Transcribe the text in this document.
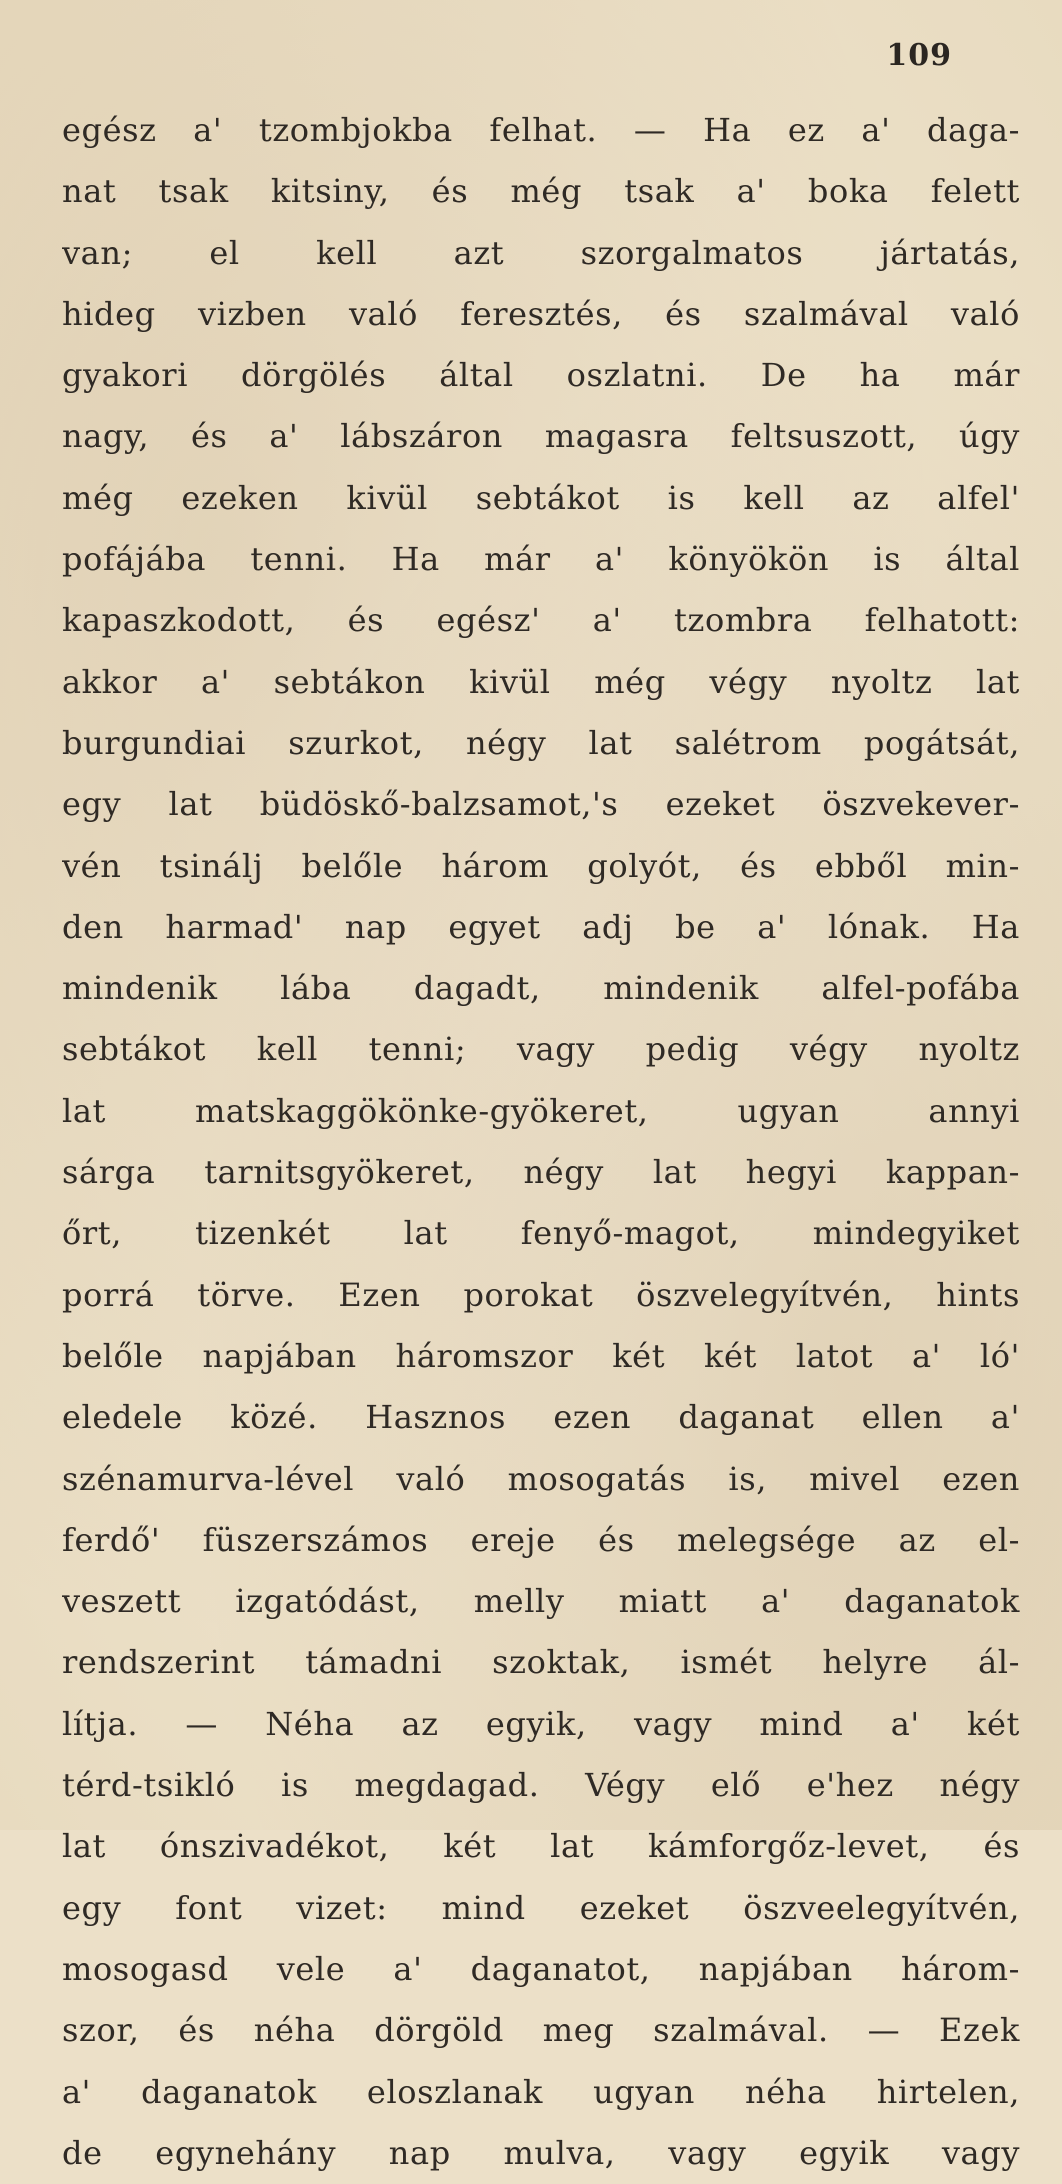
109
egész a' tzombjokba felhat. — Ha ez a' daga-
nat tsak kitsiny, és még tsak a' boka felett
van; el kell azt szorgalmatos jártatás,
hideg vizben való feresztés, és szalmával való
gyakori dörgölés által oszlatni. De ha már
nagy, és a' lábszáron magasra feltsuszott, úgy
még ezeken kivül sebtákot is kell az alfel'
pofájába tenni. Ha már a' könyökön is által
kapaszkodott, és egész' a' tzombra felhatott:
akkor a' sebtákon kivül még végy nyoltz lat
burgundiai szurkot, négy lat salétrom pogátsát,
egy lat büdöskő-balzsamot,'s ezeket öszvekever-
vén tsinálj belőle három golyót, és ebből min-
den harmad' nap egyet adj be a' lónak. Ha
mindenik lába dagadt, mindenik alfel-pofába
sebtákot kell tenni; vagy pedig végy nyoltz
lat matskaggökönke-gyökeret, ugyan annyi
sárga tarnitsgyökeret, négy lat hegyi kappan-
őrt, tizenkét lat fenyő-magot, mindegyiket
porrá törve. Ezen porokat öszvelegyítvén, hints
belőle napjában háromszor két két latot a' ló'
eledele közé. Hasznos ezen daganat ellen a'
szénamurva-lével való mosogatás is, mivel ezen
ferdő' füszerszámos ereje és melegsége az el-
veszett izgatódást, melly miatt a' daganatok
rendszerint támadni szoktak, ismét helyre ál-
lítja. — Néha az egyik, vagy mind a' két
térd-tsikló is megdagad. Végy elő e'hez négy
lat ónszivadékot, két lat kámforgőz-levet, és
egy font vizet: mind ezeket öszveelegyítvén,
mosogasd vele a' daganatot, napjában három-
szor, és néha dörgöld meg szalmával. — Ezek
a' daganatok eloszlanak ugyan néha hirtelen,
de egynehány nap mulva, vagy egyik vagy
